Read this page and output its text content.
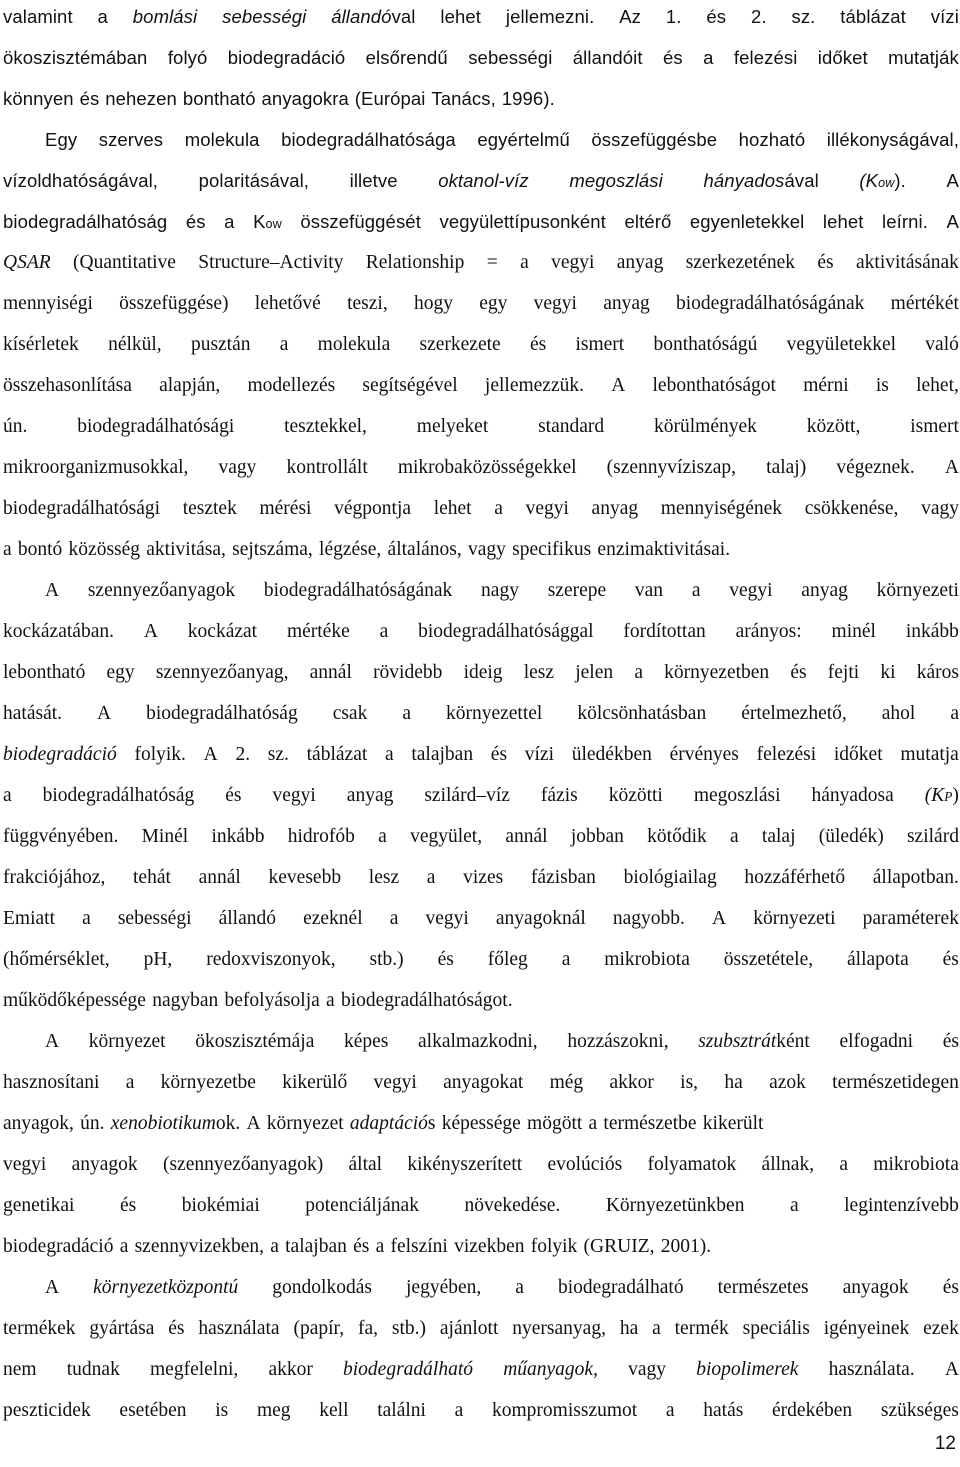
valamint a bomlási sebességi állandóval lehet jellemezni. Az 1. és 2. sz. táblázat vízi
ökoszisztémában folyó biodegradáció elsőrendű sebességi állandóit és a felezési időket mutatják
könnyen és nehezen bontható anyagokra (Európai Tanács, 1996).
Egy szerves molekula biodegradálhatósága egyértelmű összefüggésbe hozható illékonyságával,
vízoldhatóságával, polaritásával, illetve oktanol-víz megoszlási hányadosával (Kow). A
biodegradálhatóság és a Kow összefüggését vegyülettípusonként eltérő egyenletekkel lehet leírni. A
QSAR (Quantitative Structure–Activity Relationship = a vegyi anyag szerkezetének és aktivitásának
mennyiségi összefüggése) lehetővé teszi, hogy egy vegyi anyag biodegradálhatóságának mértékét
kísérletek nélkül, pusztán a molekula szerkezete és ismert bonthatóságú vegyületekkel való
összehasonlítása alapján, modellezés segítségével jellemezzük. A lebonthatóságot mérni is lehet,
ún.	biodegradálhatósági	tesztekkel,	melyeket	standard	körülmények	között,	ismert
mikroorganizmusokkal, vagy kontrollált mikrobaközösségekkel (szennyvíziszap, talaj) végeznek. A
biodegradálhatósági tesztek mérési végpontja lehet a vegyi anyag mennyiségének csökkenése, vagy
a bontó közösség aktivitása, sejtszáma, légzése, általános, vagy specifikus enzimaktivitásai.
A szennyezőanyagok biodegradálhatóságának nagy szerepe van a vegyi anyag környezeti
kockázatában. A kockázat mértéke a biodegradálhatósággal fordítottan arányos: minél inkább
lebontható egy szennyezőanyag, annál rövidebb ideig lesz jelen a környezetben és fejti ki káros
hatását. A biodegradálhatóság csak a környezettel kölcsönhatásban értelmezhető, ahol a
biodegradáció folyik. A 2. sz. táblázat a talajban és vízi üledékben érvényes felezési időket mutatja
a biodegradálhatóság és vegyi anyag szilárd–víz fázis közötti megoszlási hányadosa (KP)
függvényében. Minél inkább hidrofób a vegyület, annál jobban kötődik a talaj (üledék) szilárd
frakciójához, tehát annál kevesebb lesz a vizes fázisban biológiailag hozzáférhető állapotban.
Emiatt a sebességi állandó ezeknél a vegyi anyagoknál nagyobb. A környezeti paraméterek
(hőmérséklet, pH, redoxviszonyok, stb.) és főleg a mikrobiota összetétele, állapota és
működőképessége nagyban befolyásolja a biodegradálhatóságot.
A környezet ökoszisztémája képes alkalmazkodni, hozzászokni, szubsztrátként elfogadni és
hasznosítani a környezetbe kikerülő vegyi anyagokat még akkor is, ha azok természetidegen
anyagok, ún. xenobiotikumok. A környezet adaptációs képessége mögött a természetbe kikerült
vegyi anyagok (szennyezőanyagok) által kikényszerített evolúciós folyamatok állnak, a mikrobiota
genetikai és biokémiai potenciáljának növekedése. Környezetünkben a legintenzívebb
biodegradáció a szennyvizekben, a talajban és a felszíni vizekben folyik (GRUIZ, 2001).
A környezetközpontú gondolkodás jegyében, a biodegradálható természetes anyagok és
termékek gyártása és használata (papír, fa, stb.) ajánlott nyersanyag, ha a termék speciális igényeinek ezek
nem tudnak megfelelni, akkor biodegradálható műanyagok, vagy biopolimerek használata. A
peszticidek esetében is meg kell találni a kompromisszumot a hatás érdekében szükséges
12
